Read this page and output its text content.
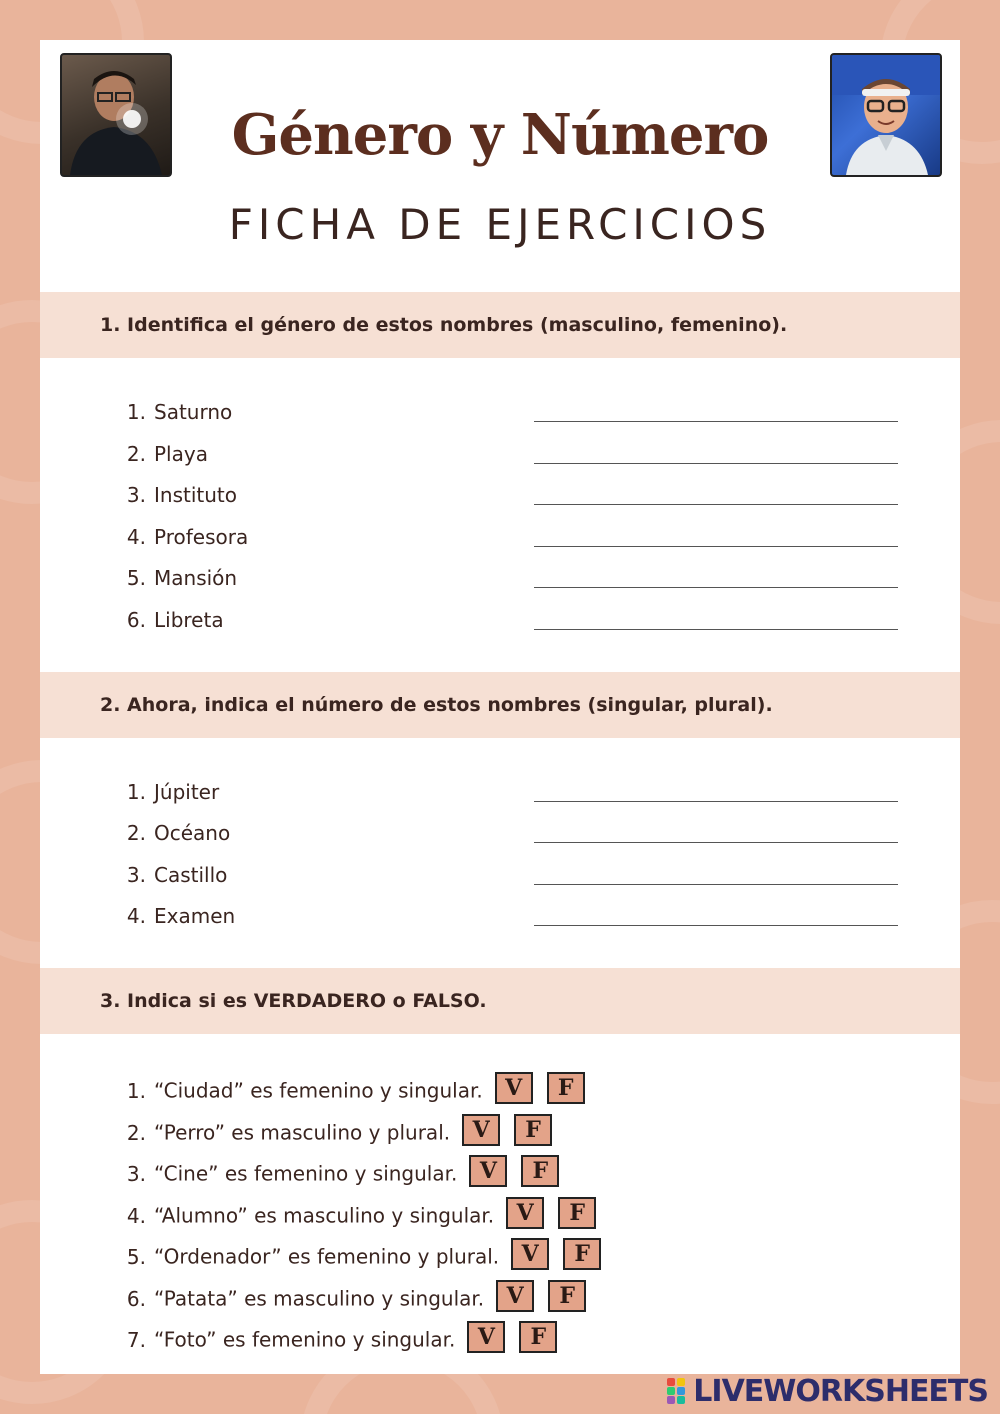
Género y Número
FICHA DE EJERCICIOS
1. Identifica el género de estos nombres (masculino, femenino).
1. Saturno
2. Playa
3. Instituto
4. Profesora
5. Mansión
6. Libreta
2. Ahora, indica el número de estos nombres (singular, plural).
1. Júpiter
2. Océano
3. Castillo
4. Examen
3. Indica si es VERDADERO o FALSO.
1. “Ciudad” es femenino y singular. V F
2. “Perro” es masculino y plural. V F
3. “Cine” es femenino y singular. V F
4. “Alumno” es masculino y singular. V F
5. “Ordenador” es femenino y plural. V F
6. “Patata” es masculino y singular. V F
7. “Foto” es femenino y singular. V F
LIVEWORKSHEETS
